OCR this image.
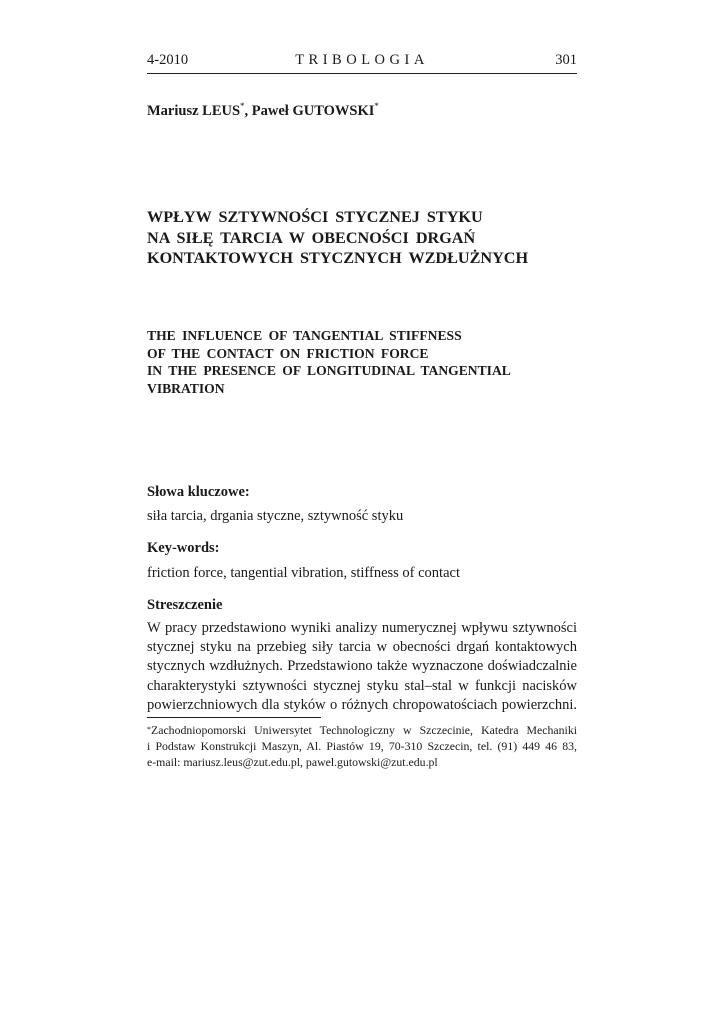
4-2010	TRIBOLOGIA	301
Mariusz LEUS*, Paweł GUTOWSKI*
WPŁYW SZTYWNOŚCI STYCZNEJ STYKU
NA SIŁĘ TARCIA W OBECNOŚCI DRGAŃ
KONTAKTOWYCH STYCZNYCH WZDŁUŻNYCH
THE INFLUENCE OF TANGENTIAL STIFFNESS
OF THE CONTACT ON FRICTION FORCE
IN THE PRESENCE OF LONGITUDINAL TANGENTIAL
VIBRATION
Słowa kluczowe:
siła tarcia, drgania styczne, sztywność styku
Key-words:
friction force, tangential vibration, stiffness of contact
Streszczenie
W pracy przedstawiono wyniki analizy numerycznej wpływu sztywności
stycznej styku na przebieg siły tarcia w obecności drgań kontaktowych
stycznych wzdłużnych. Przedstawiono także wyznaczone doświadczalnie
charakterystyki sztywności stycznej styku stal–stal w funkcji nacisków
powierzchniowych dla styków o różnych chropowatościach powierzchni.
*Zachodniopomorski Uniwersytet Technologiczny w Szczecinie, Katedra Mechaniki
i Podstaw Konstrukcji Maszyn, Al. Piastów 19, 70-310 Szczecin, tel. (91) 449 46 83,
e-mail: mariusz.leus@zut.edu.pl, pawel.gutowski@zut.edu.pl
